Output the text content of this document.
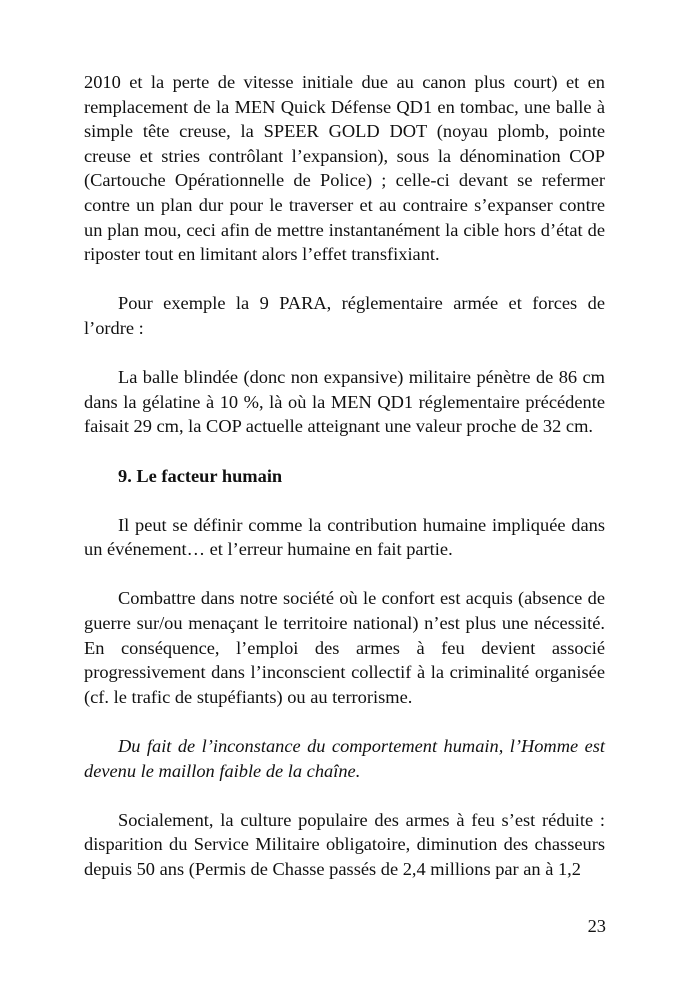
2010 et la perte de vitesse initiale due au canon plus court) et en remplacement de la MEN Quick Défense QD1 en tombac, une balle à simple tête creuse, la SPEER GOLD DOT (noyau plomb, pointe creuse et stries contrôlant l’expansion), sous la dénomination COP (Cartouche Opérationnelle de Police) ; celle-ci devant se refermer contre un plan dur pour le traverser et au contraire s’expanser contre un plan mou, ceci afin de mettre instantanément la cible hors d’état de riposter tout en limitant alors l’effet transfixiant.

Pour exemple la 9 PARA, réglementaire armée et forces de l’ordre :

La balle blindée (donc non expansive) militaire pénètre de 86 cm dans la gélatine à 10 %, là où la MEN QD1 réglementaire précédente faisait 29 cm, la COP actuelle atteignant une valeur proche de 32 cm.

9. Le facteur humain

Il peut se définir comme la contribution humaine impliquée dans un événement… et l’erreur humaine en fait partie.

Combattre dans notre société où le confort est acquis (absence de guerre sur/ou menaçant le territoire national) n’est plus une nécessité. En conséquence, l’emploi des armes à feu devient associé progressivement dans l’inconscient collectif à la criminalité organisée (cf. le trafic de stupéfiants) ou au terrorisme.

Du fait de l’inconstance du comportement humain, l’Homme est devenu le maillon faible de la chaîne.

Socialement, la culture populaire des armes à feu s’est réduite : disparition du Service Militaire obligatoire, diminution des chasseurs depuis 50 ans (Permis de Chasse passés de 2,4 millions par an à 1,2

23
